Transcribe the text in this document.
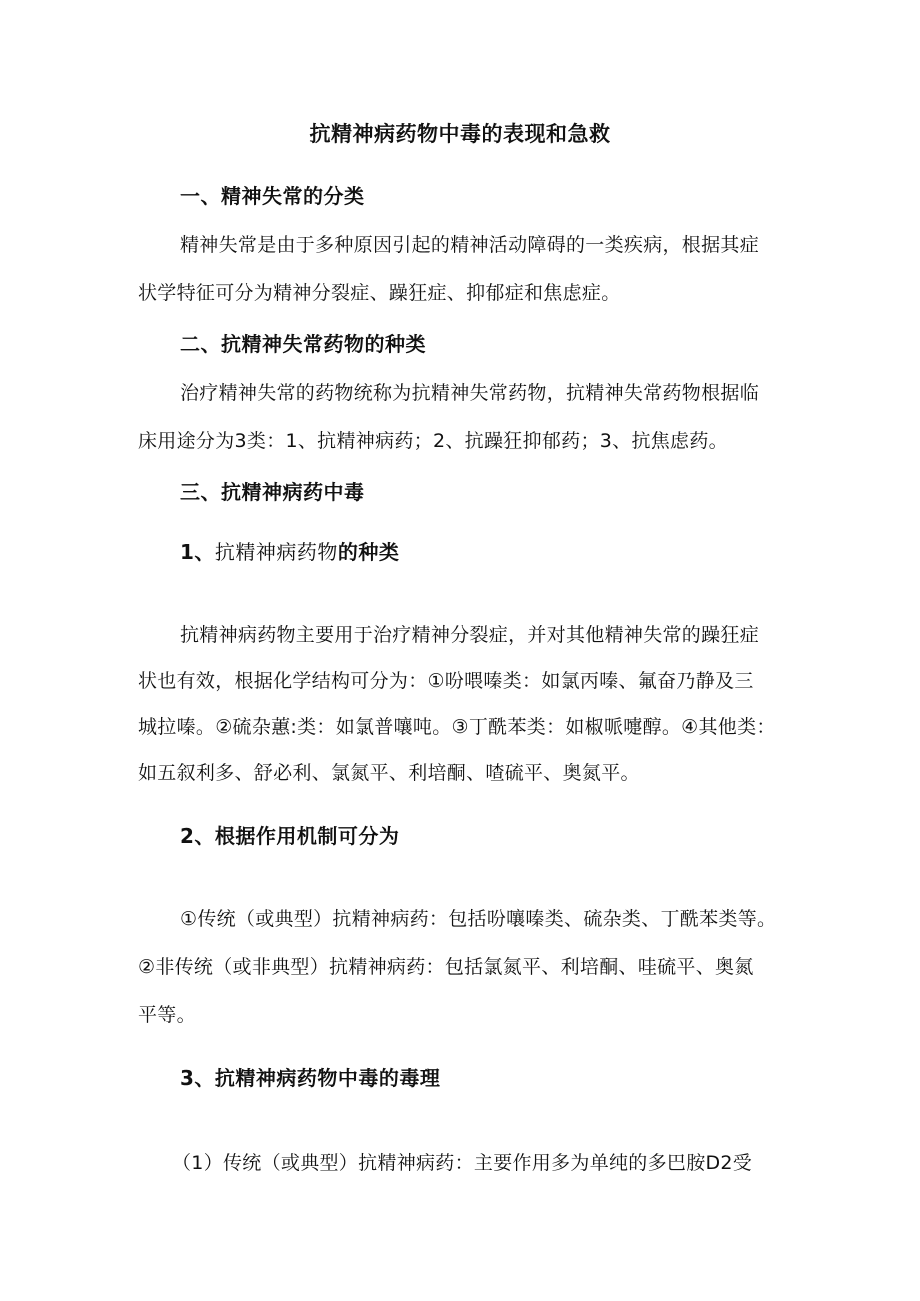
抗精神病药物中毒的表现和急救
一、精神失常的分类

精神失常是由于多种原因引起的精神活动障碍的一类疾病，根据其症

状学特征可分为精神分裂症、躁狂症、抑郁症和焦虑症。

二、抗精神失常药物的种类

治疗精神失常的药物统称为抗精神失常药物，抗精神失常药物根据临

床用途分为3类：1、抗精神病药；2、抗躁狂抑郁药；3、抗焦虑药。

三、抗精神病药中毒
1、抗精神病药物的种类

抗精神病药物主要用于治疗精神分裂症，并对其他精神失常的躁狂症

状也有效，根据化学结构可分为：①吩喂嗪类：如氯丙嗪、氟奋乃静及三

城拉嗪。②硫杂蕙:类：如氯普嚷吨。③丁酰苯类：如椒哌嚏醇。④其他类：

如五叙利多、舒必利、氯氮平、利培酮、喳硫平、奥氮平。

2、根据作用机制可分为

①传统（或典型）抗精神病药：包括吩嚷嗪类、硫杂类、丁酰苯类等。

②非传统（或非典型）抗精神病药：包括氯氮平、利培酮、哇硫平、奥氮

平等。

3、抗精神病药物中毒的毒理

（1）传统（或典型）抗精神病药：主要作用多为单纯的多巴胺D2受
